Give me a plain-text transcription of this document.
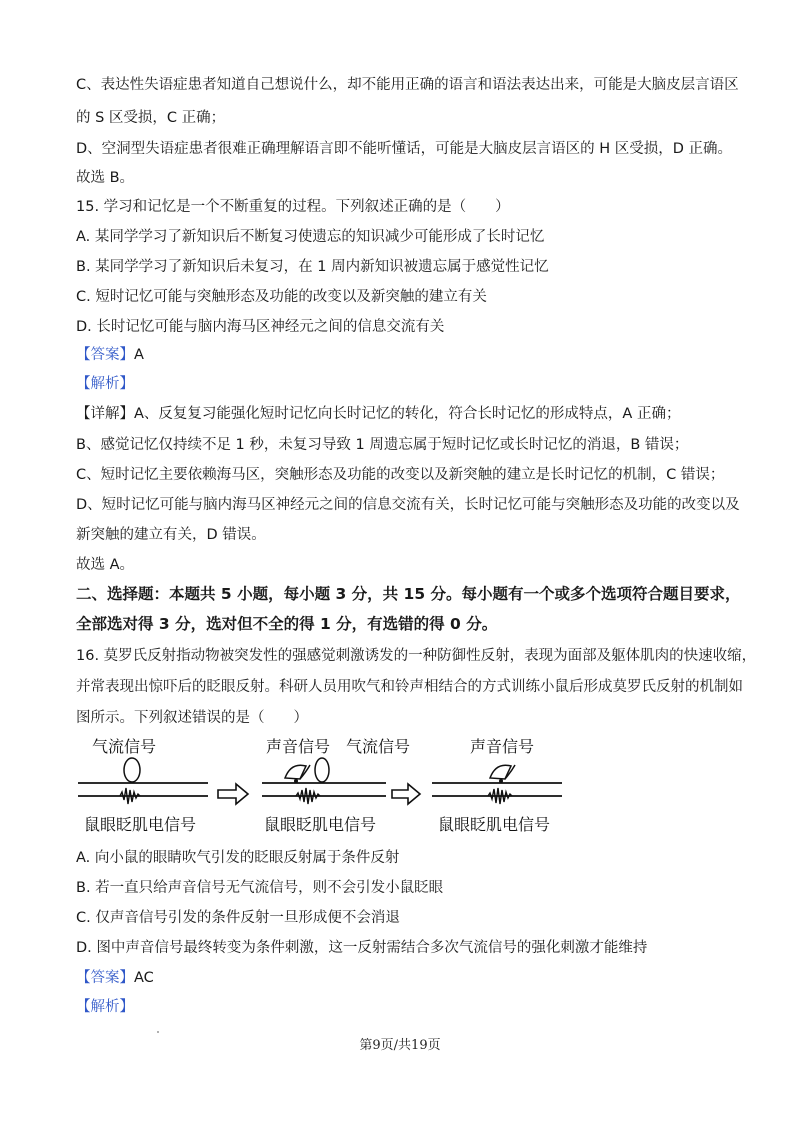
C、表达性失语症患者知道自己想说什么，却不能用正确的语言和语法表达出来，可能是大脑皮层言语区
的 S 区受损，C 正确；
D、空洞型失语症患者很难正确理解语言即不能听懂话，可能是大脑皮层言语区的 H 区受损，D 正确。
故选 B。
15. 学习和记忆是一个不断重复的过程。下列叙述正确的是（　　）
A. 某同学学习了新知识后不断复习使遗忘的知识减少可能形成了长时记忆
B. 某同学学习了新知识后未复习，在 1 周内新知识被遗忘属于感觉性记忆
C. 短时记忆可能与突触形态及功能的改变以及新突触的建立有关
D. 长时记忆可能与脑内海马区神经元之间的信息交流有关
【答案】A
【解析】
【详解】A、反复复习能强化短时记忆向长时记忆的转化，符合长时记忆的形成特点，A 正确；
B、感觉记忆仅持续不足 1 秒，未复习导致 1 周遗忘属于短时记忆或长时记忆的消退，B 错误；
C、短时记忆主要依赖海马区，突触形态及功能的改变以及新突触的建立是长时记忆的机制，C 错误；
D、短时记忆可能与脑内海马区神经元之间的信息交流有关，长时记忆可能与突触形态及功能的改变以及
新突触的建立有关，D 错误。
故选 A。
二、选择题：本题共 5 小题，每小题 3 分，共 15 分。每小题有一个或多个选项符合题目要求，
全部选对得 3 分，选对但不全的得 1 分，有选错的得 0 分。
16. 莫罗氏反射指动物被突发性的强感觉刺激诱发的一种防御性反射，表现为面部及躯体肌肉的快速收缩，
并常表现出惊吓后的眨眼反射。科研人员用吹气和铃声相结合的方式训练小鼠后形成莫罗氏反射的机制如
图所示。下列叙述错误的是（　　）
气流信号
鼠眼眨肌电信号
声音信号 气流信号
鼠眼眨肌电信号
声音信号
鼠眼眨肌电信号
A. 向小鼠的眼睛吹气引发的眨眼反射属于条件反射
B. 若一直只给声音信号无气流信号，则不会引发小鼠眨眼
C. 仅声音信号引发的条件反射一旦形成便不会消退
D. 图中声音信号最终转变为条件刺激，这一反射需结合多次气流信号的强化刺激才能维持
【答案】AC
【解析】
第9页/共19页
